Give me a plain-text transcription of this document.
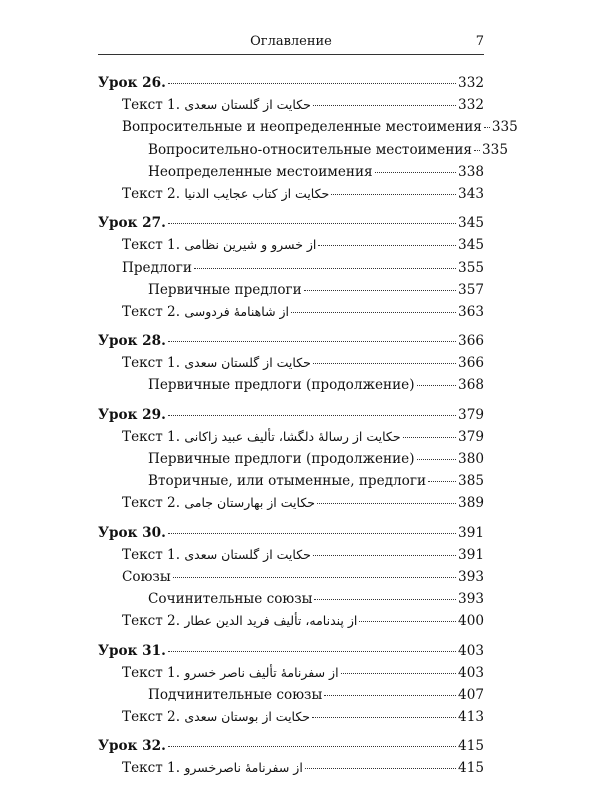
Оглавление	7
Урок 26.	332
Текст 1. حکایت از گلستان سعدی	332
Вопросительные и неопределенные местоимения 335
Вопросительно-относительные местоимения 335
Неопределенные местоимения	338
Текст 2. حکایت از کتاب عجایب الدنیا	343
Урок 27.	345
Текст 1. از خسرو و شیرین نظامی	345
Предлоги	355
Первичные предлоги	357
Текст 2. از شاهنامهٔ فردوسی	363
Урок 28.	366
Текст 1. حکایت از گلستان سعدی	366
Первичные предлоги (продолжение)	368
Урок 29.	379
Текст 1. حکایت از رسالهٔ دلگشا، تألیف عبید زاکانی	379
Первичные предлоги (продолжение)	380
Вторичные, или отыменные, предлоги 385
Текст 2. حکایت از بهارستان جامی	389
Урок 30.	391
Текст 1. حکایت از گلستان سعدی	391
Союзы	393
Сочинительные союзы	393
Текст 2. از پندنامه، تألیف فرید الدین عطار	400
Урок 31.	403
Текст 1. از سفرنامهٔ تألیف ناصر خسرو	403
Подчинительные союзы	407
Текст 2. حکایت از بوستان سعدی	413
Урок 32.	415
Текст 1. از سفرنامهٔ ناصرخسرو	415
